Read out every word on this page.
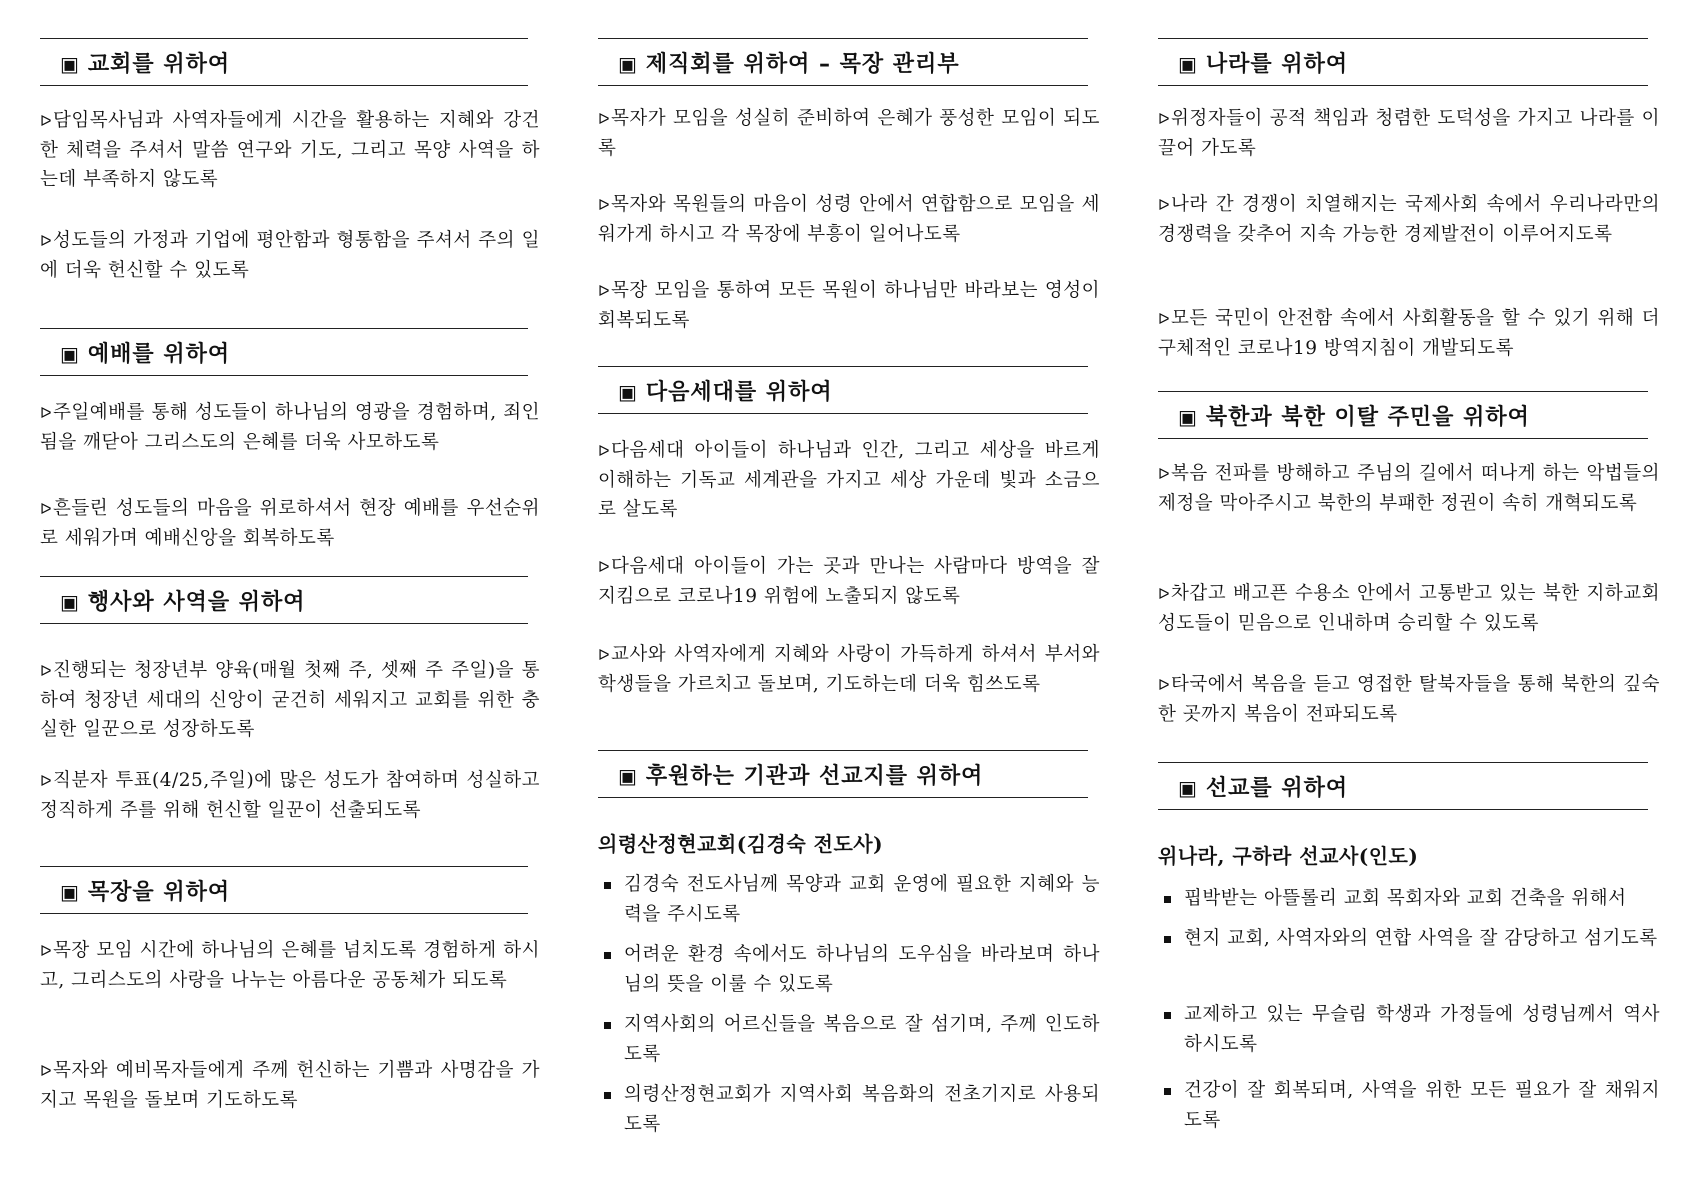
▣ 교회를 위하여
ᐅ담임목사님과 사역자들에게 시간을 활용하는 지혜와 강건한 체력을 주셔서 말씀 연구와 기도, 그리고 목양 사역을 하는데 부족하지 않도록
ᐅ성도들의 가정과 기업에 평안함과 형통함을 주셔서 주의 일에 더욱 헌신할 수 있도록
▣ 예배를 위하여
ᐅ주일예배를 통해 성도들이 하나님의 영광을 경험하며, 죄인 됨을 깨닫아 그리스도의 은혜를 더욱 사모하도록
ᐅ흔들린 성도들의 마음을 위로하셔서 현장 예배를 우선순위로 세워가며 예배신앙을 회복하도록
▣ 행사와 사역을 위하여
ᐅ진행되는 청장년부 양육(매월 첫째 주, 셋째 주 주일)을 통하여 청장년 세대의 신앙이 굳건히 세워지고 교회를 위한 충실한 일꾼으로 성장하도록
ᐅ직분자 투표(4/25,주일)에 많은 성도가 참여하며 성실하고 정직하게 주를 위해 헌신할 일꾼이 선출되도록
▣ 목장을 위하여
ᐅ목장 모임 시간에 하나님의 은혜를 넘치도록 경험하게 하시고, 그리스도의 사랑을 나누는 아름다운 공동체가 되도록
ᐅ목자와 예비목자들에게 주께 헌신하는 기쁨과 사명감을 가지고 목원을 돌보며 기도하도록
▣ 제직회를 위하여 – 목장 관리부
ᐅ목자가 모임을 성실히 준비하여 은혜가 풍성한 모임이 되도록
ᐅ목자와 목원들의 마음이 성령 안에서 연합함으로 모임을 세워가게 하시고 각 목장에 부흥이 일어나도록
ᐅ목장 모임을 통하여 모든 목원이 하나님만 바라보는 영성이 회복되도록
▣ 다음세대를 위하여
ᐅ다음세대 아이들이 하나님과 인간, 그리고 세상을 바르게 이해하는 기독교 세계관을 가지고 세상 가운데 빛과 소금으로 살도록
ᐅ다음세대 아이들이 가는 곳과 만나는 사람마다 방역을 잘 지킴으로 코로나19 위험에 노출되지 않도록
ᐅ교사와 사역자에게 지혜와 사랑이 가득하게 하셔서 부서와 학생들을 가르치고 돌보며, 기도하는데 더욱 힘쓰도록
▣ 후원하는 기관과 선교지를 위하여
의령산정현교회(김경숙 전도사)
김경숙 전도사님께 목양과 교회 운영에 필요한 지혜와 능력을 주시도록
어려운 환경 속에서도 하나님의 도우심을 바라보며 하나님의 뜻을 이룰 수 있도록
지역사회의 어르신들을 복음으로 잘 섬기며, 주께 인도하도록
의령산정현교회가 지역사회 복음화의 전초기지로 사용되도록
▣ 나라를 위하여
ᐅ위정자들이 공적 책임과 청렴한 도덕성을 가지고 나라를 이끌어 가도록
ᐅ나라 간 경쟁이 치열해지는 국제사회 속에서 우리나라만의 경쟁력을 갖추어 지속 가능한 경제발전이 이루어지도록
ᐅ모든 국민이 안전함 속에서 사회활동을 할 수 있기 위해 더 구체적인 코로나19 방역지침이 개발되도록
▣ 북한과 북한 이탈 주민을 위하여
ᐅ복음 전파를 방해하고 주님의 길에서 떠나게 하는 악법들의 제정을 막아주시고 북한의 부패한 정권이 속히 개혁되도록
ᐅ차갑고 배고픈 수용소 안에서 고통받고 있는 북한 지하교회 성도들이 믿음으로 인내하며 승리할 수 있도록
ᐅ타국에서 복음을 듣고 영접한 탈북자들을 통해 북한의 깊숙한 곳까지 복음이 전파되도록
▣ 선교를 위하여
위나라, 구하라 선교사(인도)
핍박받는 아뜰롤리 교회 목회자와 교회 건축을 위해서
현지 교회, 사역자와의 연합 사역을 잘 감당하고 섬기도록
교제하고 있는 무슬림 학생과 가정들에 성령님께서 역사하시도록
건강이 잘 회복되며, 사역을 위한 모든 필요가 잘 채워지도록
